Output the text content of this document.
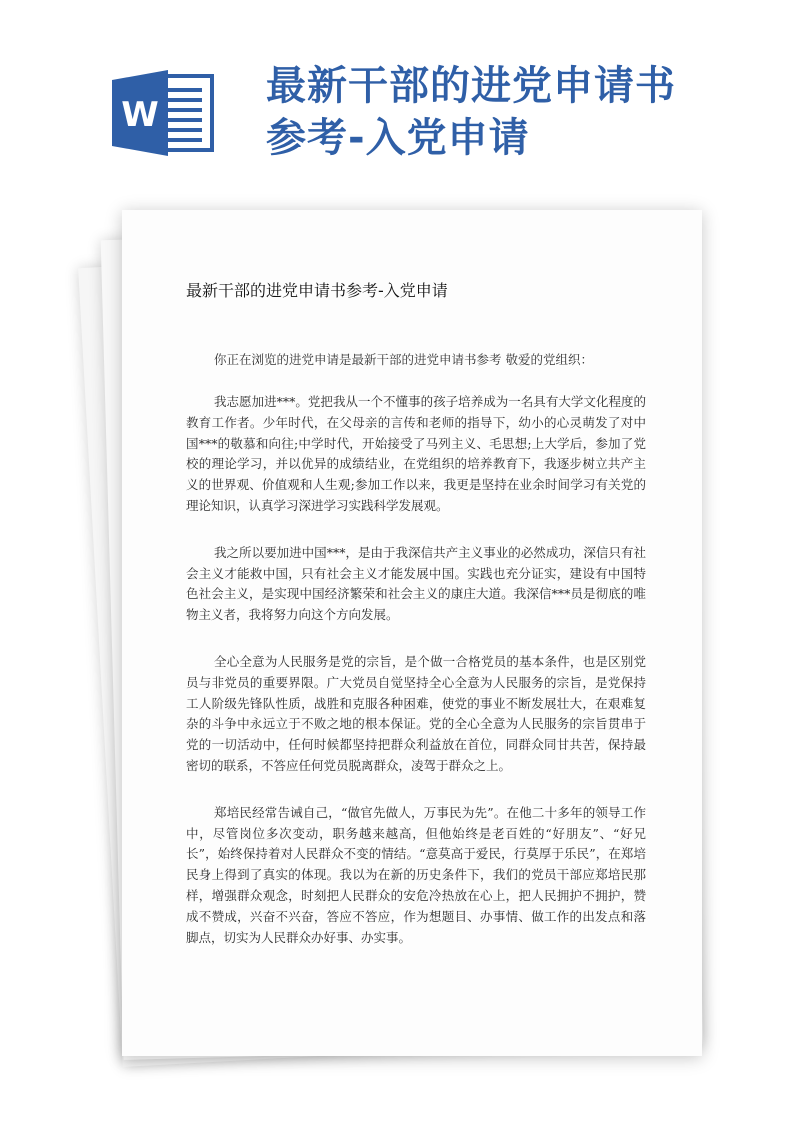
W
最新干部的进党申请书
参考-入党申请
最新干部的进党申请书参考-入党申请

你正在浏览的进党申请是最新干部的进党申请书参考 敬爱的党组织：

我志愿加进***。党把我从一个不懂事的孩子培养成为一名具有大学文化程度的教育工作者。少年时代，在父母亲的言传和老师的指导下，幼小的心灵萌发了对中国***的敬慕和向往;中学时代，开始接受了马列主义、毛思想;上大学后，参加了党校的理论学习，并以优异的成绩结业，在党组织的培养教育下，我逐步树立共产主义的世界观、价值观和人生观;参加工作以来，我更是坚持在业余时间学习有关党的理论知识，认真学习深进学习实践科学发展观。

我之所以要加进中国***，是由于我深信共产主义事业的必然成功，深信只有社会主义才能救中国，只有社会主义才能发展中国。实践也充分证实，建设有中国特色社会主义，是实现中国经济繁荣和社会主义的康庄大道。我深信***员是彻底的唯物主义者，我将努力向这个方向发展。

全心全意为人民服务是党的宗旨，是个做一合格党员的基本条件，也是区别党员与非党员的重要界限。广大党员自觉坚持全心全意为人民服务的宗旨，是党保持工人阶级先锋队性质，战胜和克服各种困难，使党的事业不断发展壮大，在艰难复杂的斗争中永远立于不败之地的根本保证。党的全心全意为人民服务的宗旨贯串于党的一切活动中，任何时候都坚持把群众利益放在首位，同群众同甘共苦，保持最密切的联系，不答应任何党员脱离群众，凌驾于群众之上。

郑培民经常告诫自己，“做官先做人，万事民为先”。在他二十多年的领导工作中，尽管岗位多次变动，职务越来越高，但他始终是老百姓的“好朋友”、“好兄长”，始终保持着对人民群众不变的情结。“意莫高于爱民，行莫厚于乐民”，在郑培民身上得到了真实的体现。我以为在新的历史条件下，我们的党员干部应郑培民那样，增强群众观念，时刻把人民群众的安危冷热放在心上，把人民拥护不拥护，赞成不赞成，兴奋不兴奋，答应不答应，作为想题目、办事情、做工作的出发点和落脚点，切实为人民群众办好事、办实事。
